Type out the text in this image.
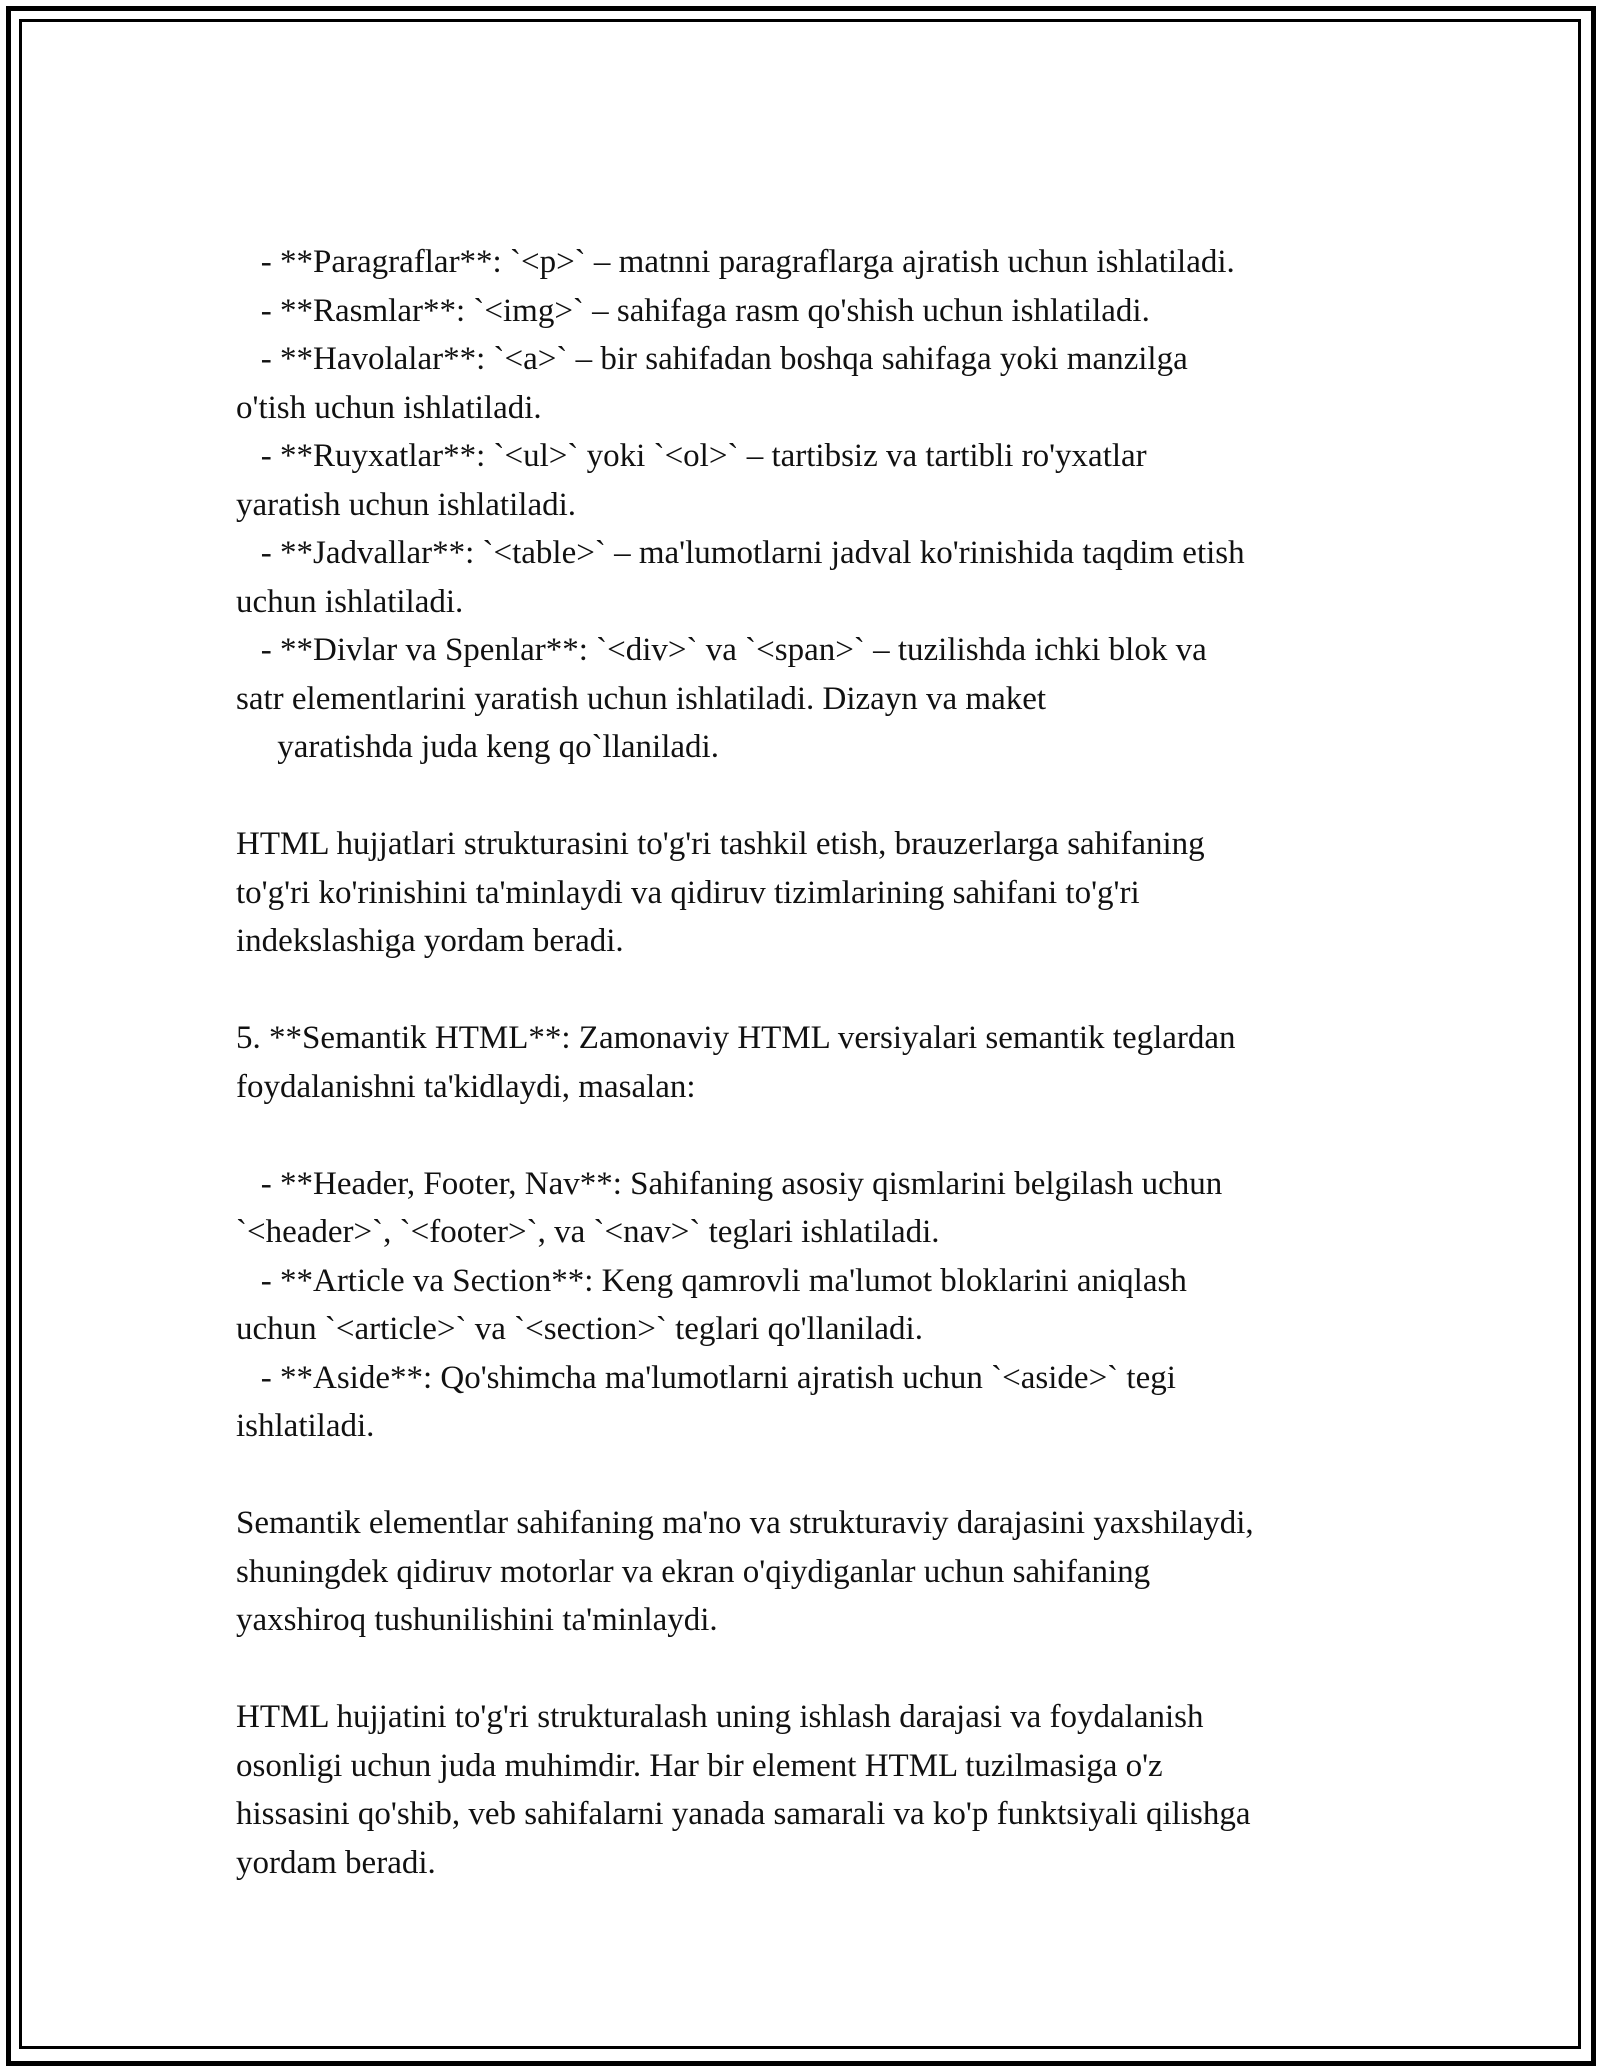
- **Paragraflar**: `<p>` – matnni paragraflarga ajratish uchun ishlatiladi.
- **Rasmlar**: `<img>` – sahifaga rasm qo'shish uchun ishlatiladi.
- **Havolalar**: `<a>` – bir sahifadan boshqa sahifaga yoki manzilga
o'tish uchun ishlatiladi.
- **Ruyxatlar**: `<ul>` yoki `<ol>` – tartibsiz va tartibli ro'yxatlar
yaratish uchun ishlatiladi.
- **Jadvallar**: `<table>` – ma'lumotlarni jadval ko'rinishida taqdim etish
uchun ishlatiladi.
- **Divlar va Spenlar**: `<div>` va `<span>` – tuzilishda ichki blok va
satr elementlarini yaratish uchun ishlatiladi. Dizayn va maket
yaratishda juda keng qo`llaniladi.
HTML hujjatlari strukturasini to'g'ri tashkil etish, brauzerlarga sahifaning
to'g'ri ko'rinishini ta'minlaydi va qidiruv tizimlarining sahifani to'g'ri
indekslashiga yordam beradi.
5. **Semantik HTML**: Zamonaviy HTML versiyalari semantik teglardan
foydalanishni ta'kidlaydi, masalan:
- **Header, Footer, Nav**: Sahifaning asosiy qismlarini belgilash uchun
`<header>`, `<footer>`, va `<nav>` teglari ishlatiladi.
- **Article va Section**: Keng qamrovli ma'lumot bloklarini aniqlash
uchun `<article>` va `<section>` teglari qo'llaniladi.
- **Aside**: Qo'shimcha ma'lumotlarni ajratish uchun `<aside>` tegi
ishlatiladi.
Semantik elementlar sahifaning ma'no va strukturaviy darajasini yaxshilaydi,
shuningdek qidiruv motorlar va ekran o'qiydiganlar uchun sahifaning
yaxshiroq tushunilishini ta'minlaydi.
HTML hujjatini to'g'ri strukturalash uning ishlash darajasi va foydalanish
osonligi uchun juda muhimdir. Har bir element HTML tuzilmasiga o'z
hissasini qo'shib, veb sahifalarni yanada samarali va ko'p funktsiyali qilishga
yordam beradi.
